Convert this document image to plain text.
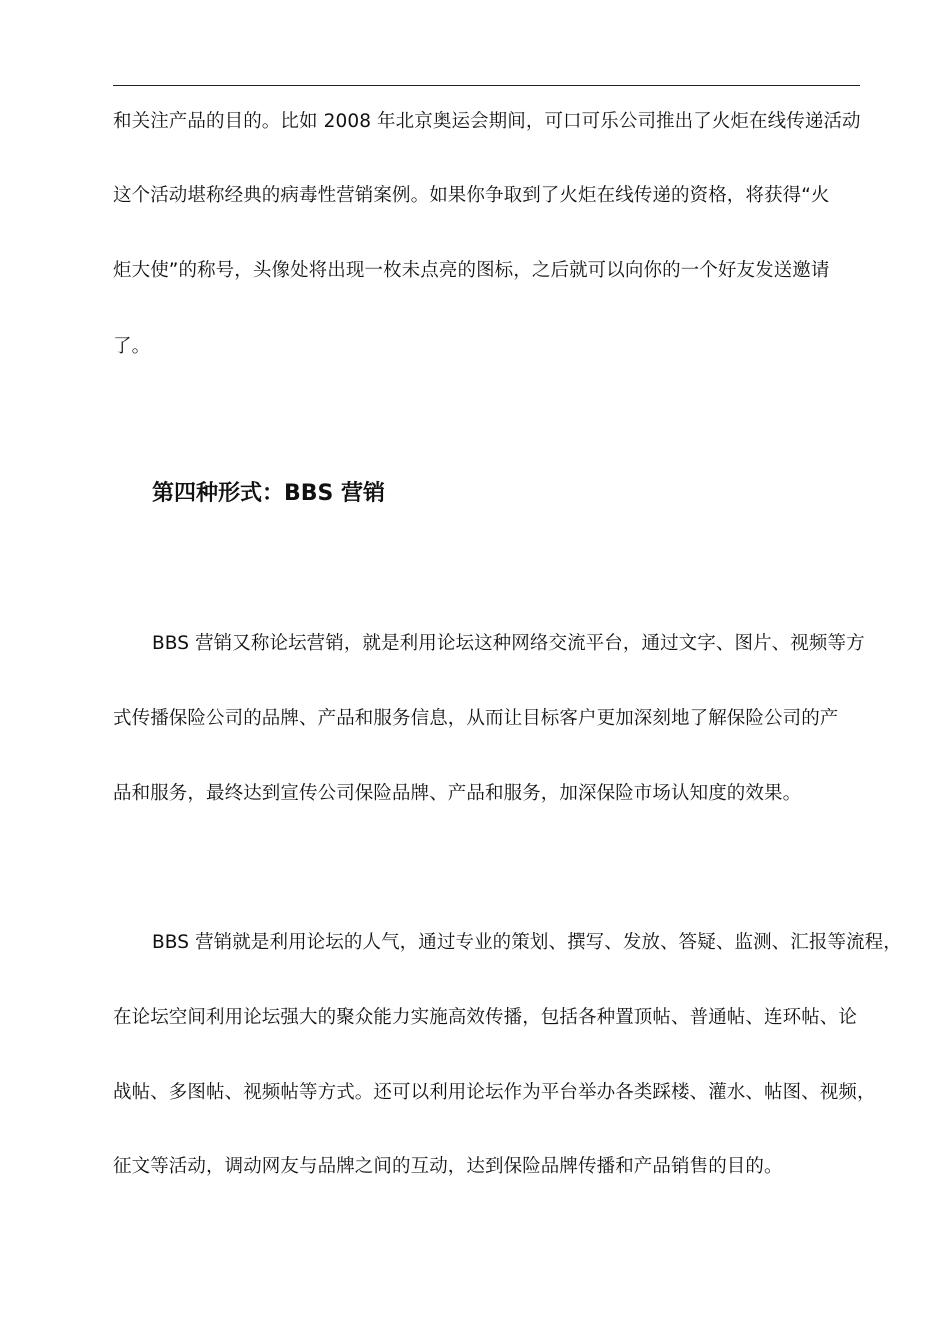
和关注产品的目的。比如 2008 年北京奥运会期间，可口可乐公司推出了火炬在线传递活动
这个活动堪称经典的病毒性营销案例。如果你争取到了火炬在线传递的资格，将获得“火
炬大使”的称号，头像处将出现一枚未点亮的图标，之后就可以向你的一个好友发送邀请
了。
第四种形式：BBS 营销
BBS 营销又称论坛营销，就是利用论坛这种网络交流平台，通过文字、图片、视频等方
式传播保险公司的品牌、产品和服务信息，从而让目标客户更加深刻地了解保险公司的产
品和服务，最终达到宣传公司保险品牌、产品和服务，加深保险市场认知度的效果。
BBS 营销就是利用论坛的人气，通过专业的策划、撰写、发放、答疑、监测、汇报等流程，
在论坛空间利用论坛强大的聚众能力实施高效传播，包括各种置顶帖、普通帖、连环帖、论
战帖、多图帖、视频帖等方式。还可以利用论坛作为平台举办各类踩楼、灌水、帖图、视频，
征文等活动，调动网友与品牌之间的互动，达到保险品牌传播和产品销售的目的。
